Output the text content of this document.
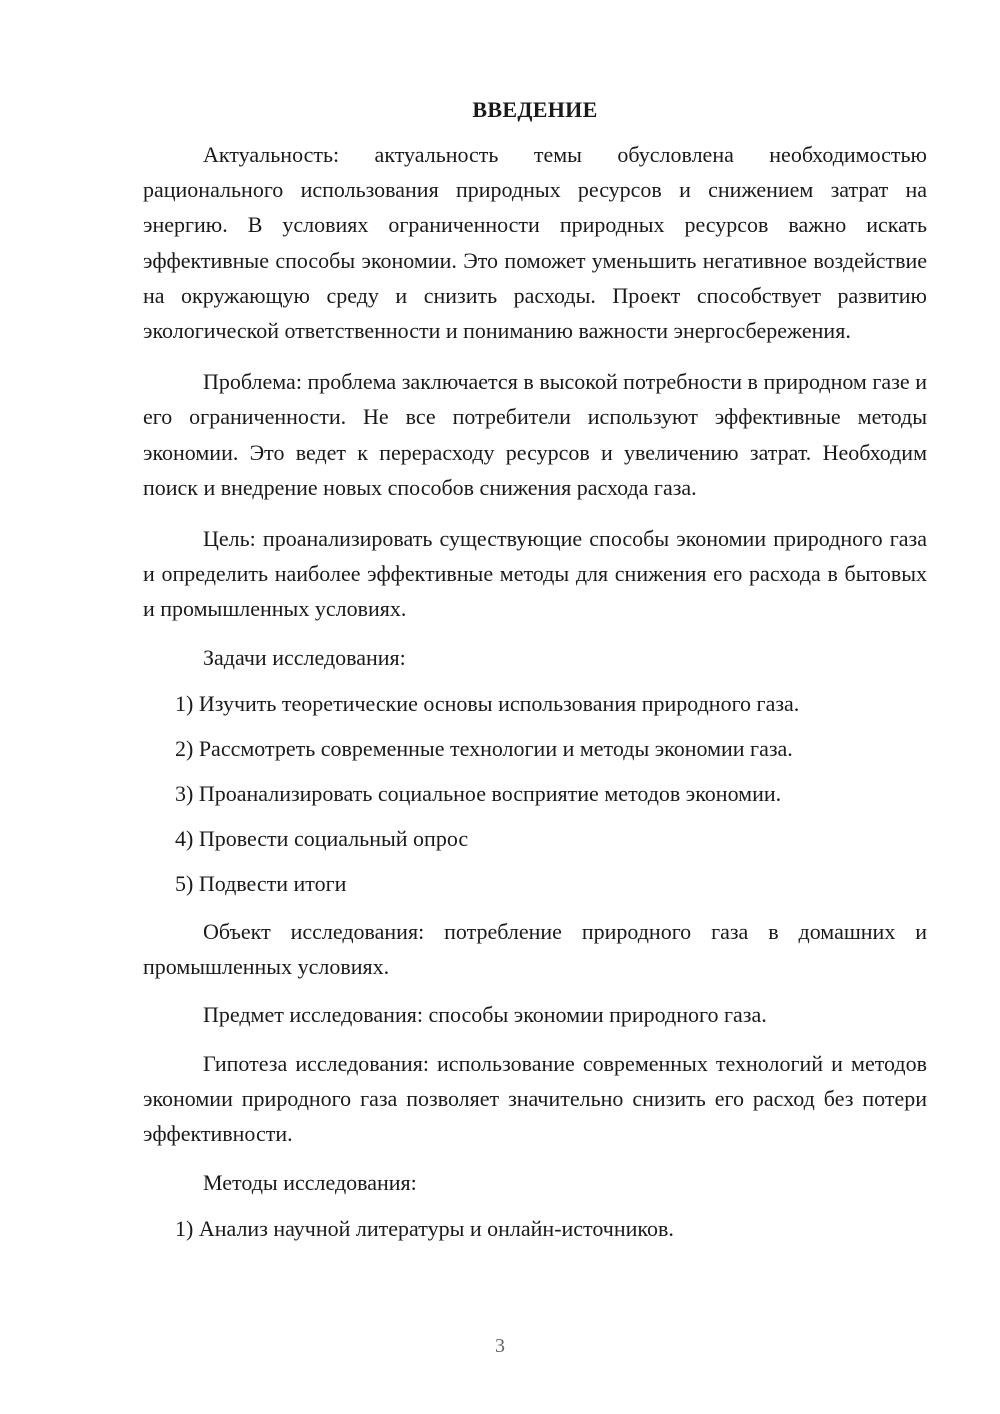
ВВЕДЕНИЕ

Актуальность: актуальность темы обусловлена необходимостью рационального использования природных ресурсов и снижением затрат на энергию. В условиях ограниченности природных ресурсов важно искать эффективные способы экономии. Это поможет уменьшить негативное воздействие на окружающую среду и снизить расходы. Проект способствует развитию экологической ответственности и пониманию важности энергосбережения.

Проблема: проблема заключается в высокой потребности в природном газе и его ограниченности. Не все потребители используют эффективные методы экономии. Это ведет к перерасходу ресурсов и увеличению затрат. Необходим поиск и внедрение новых способов снижения расхода газа.

Цель: проанализировать существующие способы экономии природного газа и определить наиболее эффективные методы для снижения его расхода в бытовых и промышленных условиях.

Задачи исследования:

1) Изучить теоретические основы использования природного газа.

2) Рассмотреть современные технологии и методы экономии газа.

3) Проанализировать социальное восприятие методов экономии.

4) Провести социальный опрос

5) Подвести итоги

Объект исследования: потребление природного газа в домашних и промышленных условиях.

Предмет исследования: способы экономии природного газа.

Гипотеза исследования: использование современных технологий и методов экономии природного газа позволяет значительно снизить его расход без потери эффективности.

Методы исследования:

1) Анализ научной литературы и онлайн-источников.

3
